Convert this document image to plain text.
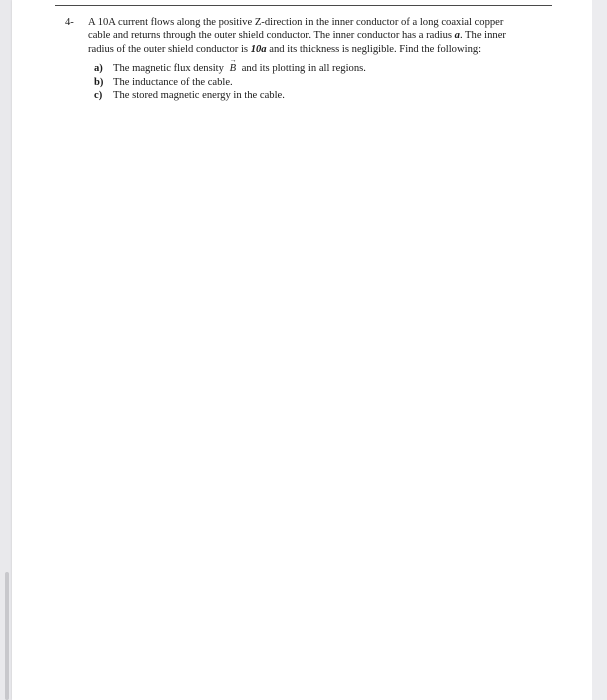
4- A 10A current flows along the positive Z-direction in the inner conductor of a long coaxial copper
cable and returns through the outer shield conductor. The inner conductor has a radius a. The inner
radius of the outer shield conductor is 10a and its thickness is negligible. Find the following:
a) The magnetic flux density
→
B and its plotting in all regions.
b) The inductance of the cable.
c)	The stored magnetic energy in the cable.
